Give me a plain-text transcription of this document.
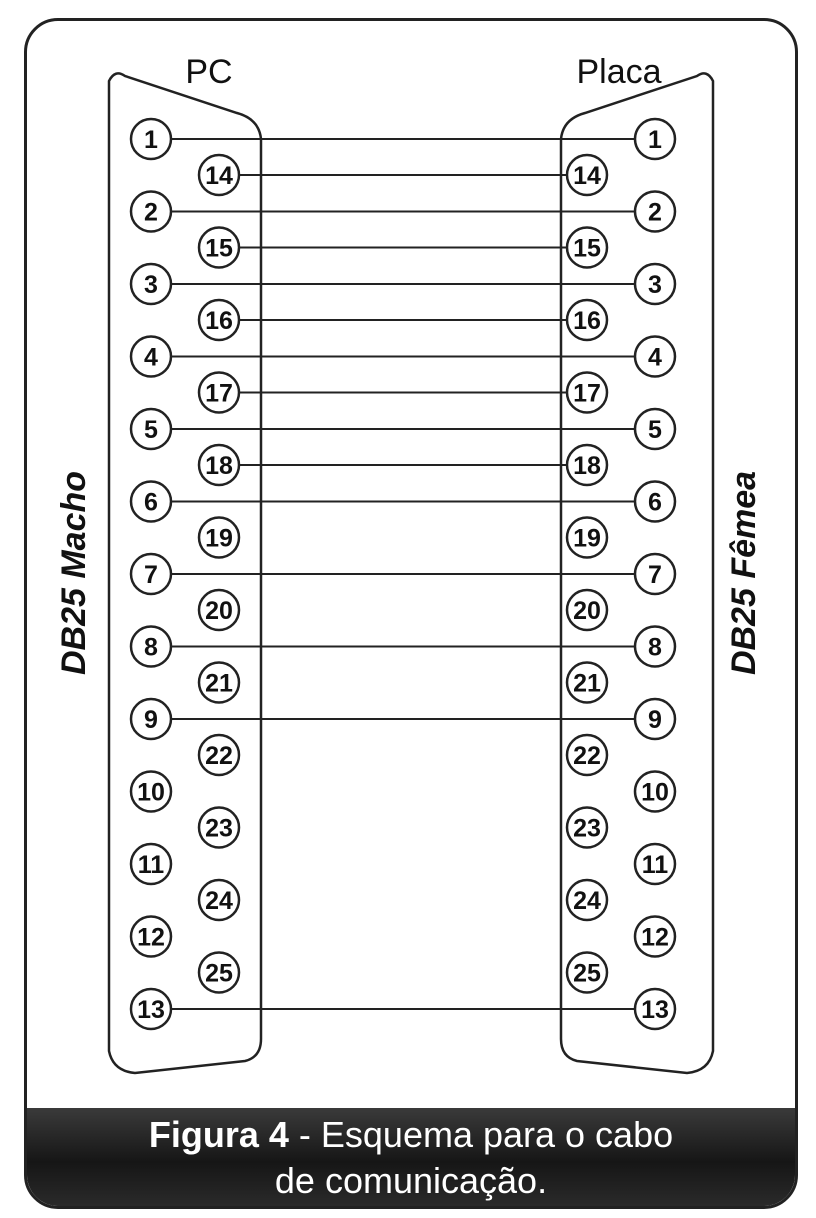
PC	Placa
DB25 Macho	DB25 Fêmea
1
2
3
4
5
6
7
8
9
10
11
12
13
14
15
16
17
18
19
20
21
22
23
24
25
1
2
3
4
5
6
7
8
9
10
11
12
13
14
15
16
17
18
19
20
21
22
23
24
25
Figura 4 - Esquema para o cabo
de comunicação.
